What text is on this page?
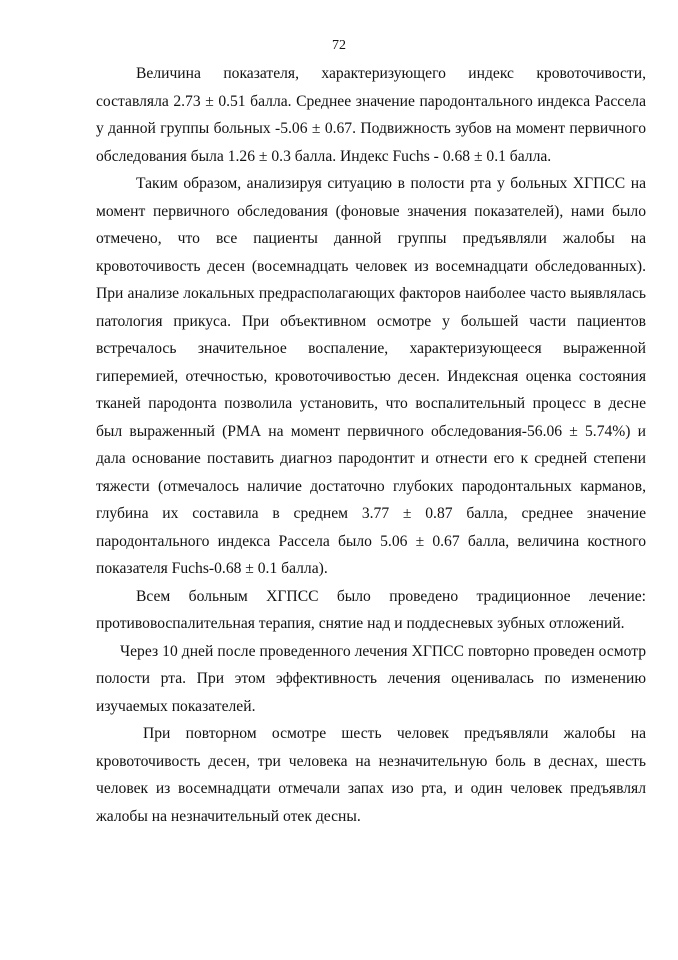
72

Величина показателя, характеризующего индекс кровоточивости, составляла 2.73 ± 0.51 балла. Среднее значение пародонтального индекса Рассела у данной группы больных -5.06 ± 0.67. Подвижность зубов на момент первичного обследования была 1.26 ± 0.3 балла. Индекс Fuchs - 0.68 ± 0.1 балла.

Таким образом, анализируя ситуацию в полости рта у больных ХГПСС на момент первичного обследования (фоновые значения показателей), нами было отмечено, что все пациенты данной группы предъявляли жалобы на кровоточивость десен (восемнадцать человек из восемнадцати обследованных). При анализе локальных предрасполагающих факторов наиболее часто выявлялась патология прикуса. При объективном осмотре у большей части пациентов встречалось значительное воспаление, характеризующееся выраженной гиперемией, отечностью, кровоточивостью десен. Индексная оценка состояния тканей пародонта позволила установить, что воспалительный процесс в десне был выраженный (РМА на момент первичного обследования-56.06 ± 5.74%) и дала основание поставить диагноз пародонтит и отнести его к средней степени тяжести (отмечалось наличие достаточно глубоких пародонтальных карманов, глубина их составила в среднем 3.77 ± 0.87 балла, среднее значение пародонтального индекса Рассела было 5.06 ± 0.67 балла, величина костного показателя Fuchs-0.68 ± 0.1 балла).

Всем больным ХГПСС было проведено традиционное лечение: противовоспалительная терапия, снятие над и поддесневых зубных отложений.

Через 10 дней после проведенного лечения ХГПСС повторно проведен осмотр полости рта. При этом эффективность лечения оценивалась по изменению изучаемых показателей.

При повторном осмотре шесть человек предъявляли жалобы на кровоточивость десен, три человека на незначительную боль в деснах, шесть человек из восемнадцати отмечали запах изо рта, и один человек предъявлял жалобы на незначительный отек десны.
